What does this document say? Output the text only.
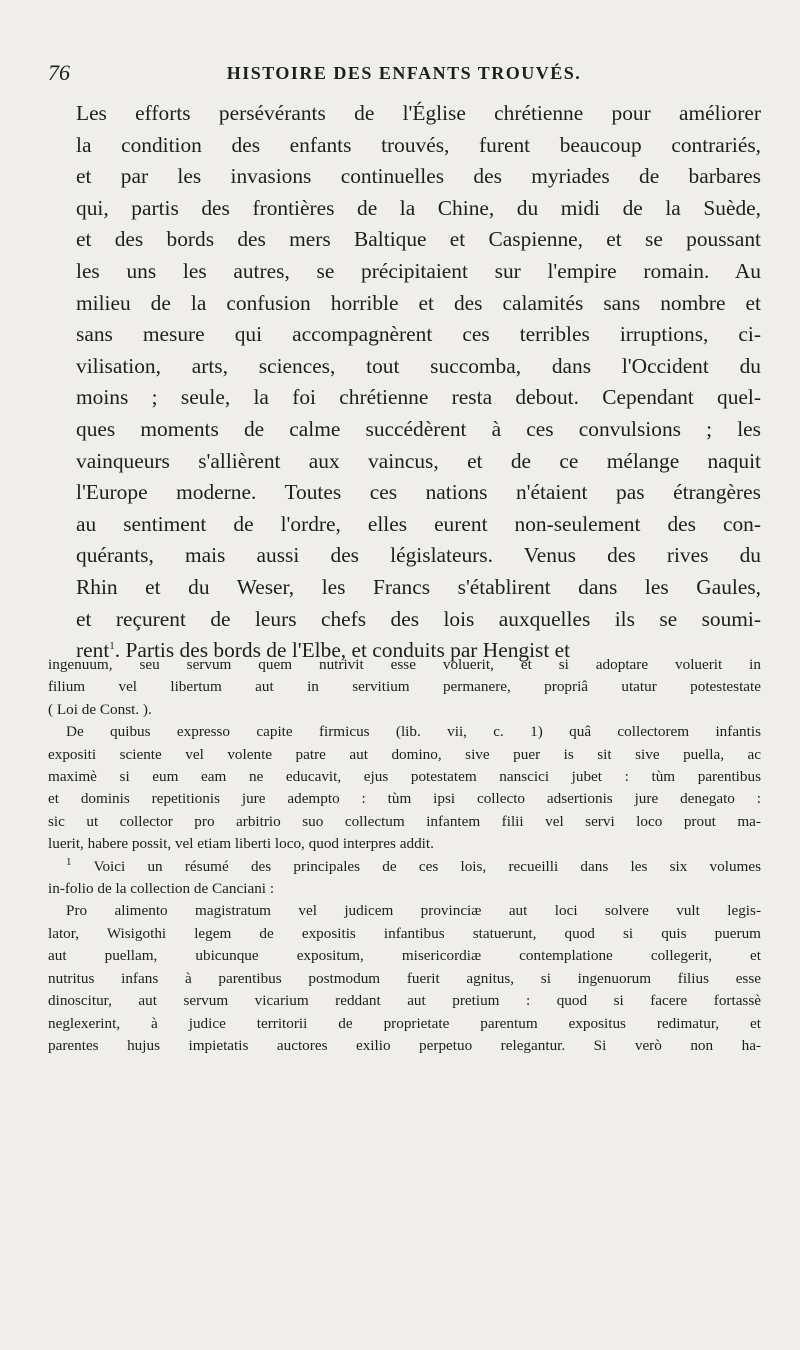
76	HISTOIRE DES ENFANTS TROUVÉS.

Les efforts persévérants de l'Église chrétienne pour améliorer
la condition des enfants trouvés, furent beaucoup contrariés,
et par les invasions continuelles des myriades de barbares
qui, partis des frontières de la Chine, du midi de la Suède,
et des bords des mers Baltique et Caspienne, et se poussant
les uns les autres, se précipitaient sur l'empire romain. Au
milieu de la confusion horrible et des calamités sans nombre et
sans mesure qui accompagnèrent ces terribles irruptions, ci-
vilisation, arts, sciences, tout succomba, dans l'Occident du
moins ; seule, la foi chrétienne resta debout. Cependant quel-
ques moments de calme succédèrent à ces convulsions ; les
vainqueurs s'allièrent aux vaincus, et de ce mélange naquit
l'Europe moderne. Toutes ces nations n'étaient pas étrangères
au sentiment de l'ordre, elles eurent non-seulement des con-
quérants, mais aussi des législateurs. Venus des rives du
Rhin et du Weser, les Francs s'établirent dans les Gaules,
et reçurent de leurs chefs des lois auxquelles ils se soumi-
rent$^1$. Partis des bords de l'Elbe, et conduits par Hengist et

ingenuum, seu servum quem nutrivit esse voluerit, et si adoptare voluerit in
filium vel libertum aut in servitium permanere, propriâ utatur potestestate
( Loi de Const. ).
De quibus expresso capite firmicus (lib. vii, c. 1) quâ collectorem infantis
expositi sciente vel volente patre aut domino, sive puer is sit sive puella, ac
maximè si eum eam ne educavit, ejus potestatem nanscici jubet : tùm parentibus
et dominis repetitionis jure adempto : tùm ipsi collecto adsertionis jure denegato :
sic ut collector pro arbitrio suo collectum infantem filii vel servi loco prout ma-
luerit, habere possit, vel etiam liberti loco, quod interpres addit.
$^1$ Voici un résumé des principales de ces lois, recueilli dans les six volumes
in-folio de la collection de Canciani :
Pro alimento magistratum vel judicem provinciæ aut loci solvere vult legis-
lator, Wisigothi legem de expositis infantibus statuerunt, quod si quis puerum
aut puellam, ubicunque expositum, misericordiæ contemplatione collegerit, et
nutritus infans à parentibus postmodum fuerit agnitus, si ingenuorum filius esse
dinoscitur, aut servum vicarium reddant aut pretium : quod si facere fortassè
neglexerint, à judice territorii de proprietate parentum expositus redimatur, et
parentes hujus impietatis auctores exilio perpetuo relegantur. Si verò non ha-
